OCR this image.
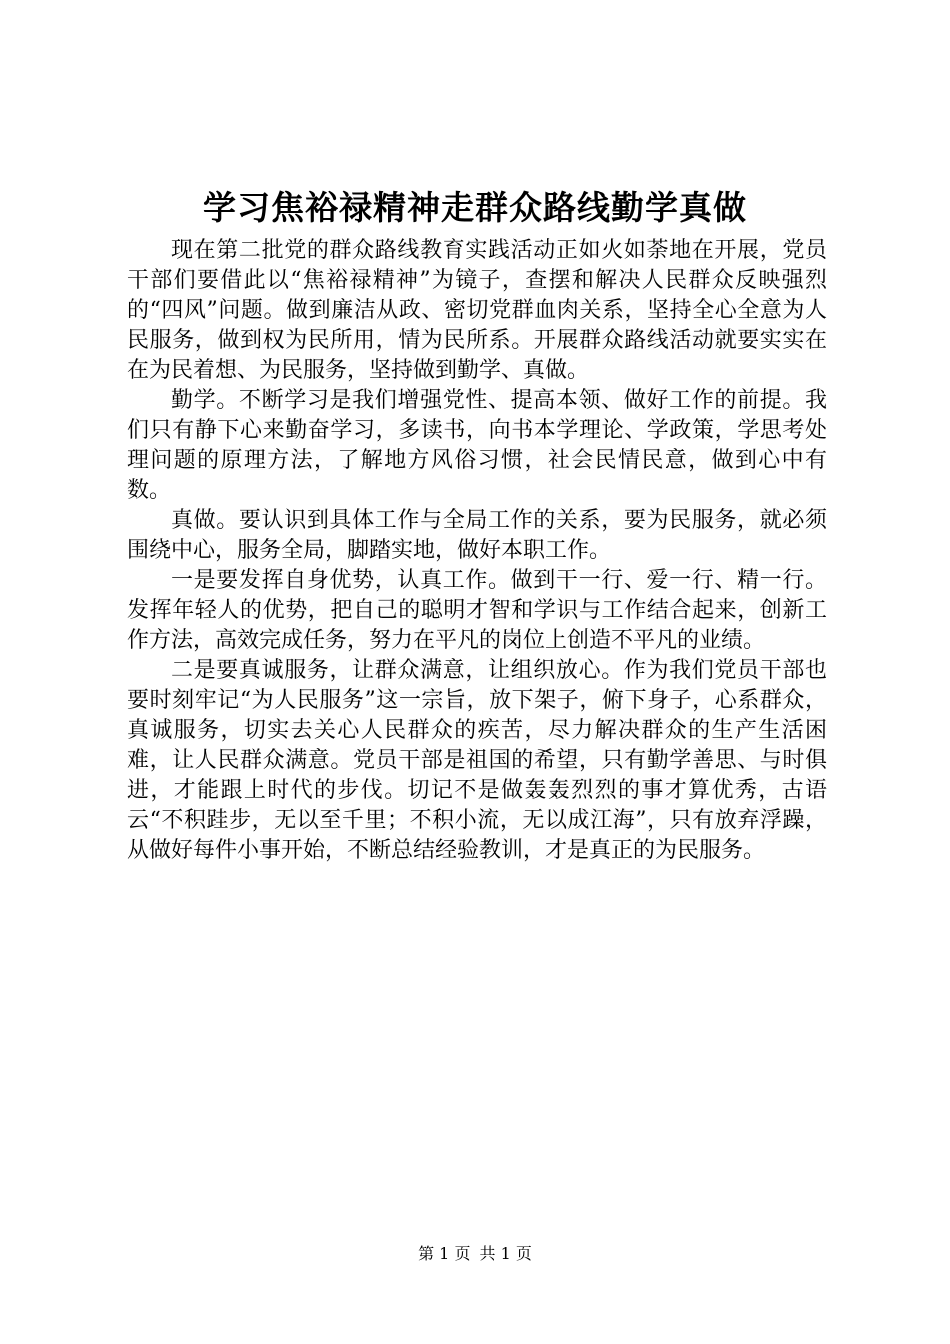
学习焦裕禄精神走群众路线勤学真做

现在第二批党的群众路线教育实践活动正如火如荼地在开展，党员干部们要借此以“焦裕禄精神”为镜子，查摆和解决人民群众反映强烈的“四风”问题。做到廉洁从政、密切党群血肉关系，坚持全心全意为人民服务，做到权为民所用，情为民所系。开展群众路线活动就要实实在在为民着想、为民服务，坚持做到勤学、真做。

勤学。不断学习是我们增强党性、提高本领、做好工作的前提。我们只有静下心来勤奋学习，多读书，向书本学理论、学政策，学思考处理问题的原理方法，了解地方风俗习惯，社会民情民意，做到心中有数。

真做。要认识到具体工作与全局工作的关系，要为民服务，就必须围绕中心，服务全局，脚踏实地，做好本职工作。

一是要发挥自身优势，认真工作。做到干一行、爱一行、精一行。发挥年轻人的优势，把自己的聪明才智和学识与工作结合起来，创新工作方法，高效完成任务，努力在平凡的岗位上创造不平凡的业绩。

二是要真诚服务，让群众满意，让组织放心。作为我们党员干部也要时刻牢记“为人民服务”这一宗旨，放下架子，俯下身子，心系群众，真诚服务，切实去关心人民群众的疾苦，尽力解决群众的生产生活困难，让人民群众满意。党员干部是祖国的希望，只有勤学善思、与时俱进，才能跟上时代的步伐。切记不是做轰轰烈烈的事才算优秀，古语云“不积跬步，无以至千里；不积小流，无以成江海”，只有放弃浮躁，从做好每件小事开始，不断总结经验教训，才是真正的为民服务。

第 1 页 共 1 页
